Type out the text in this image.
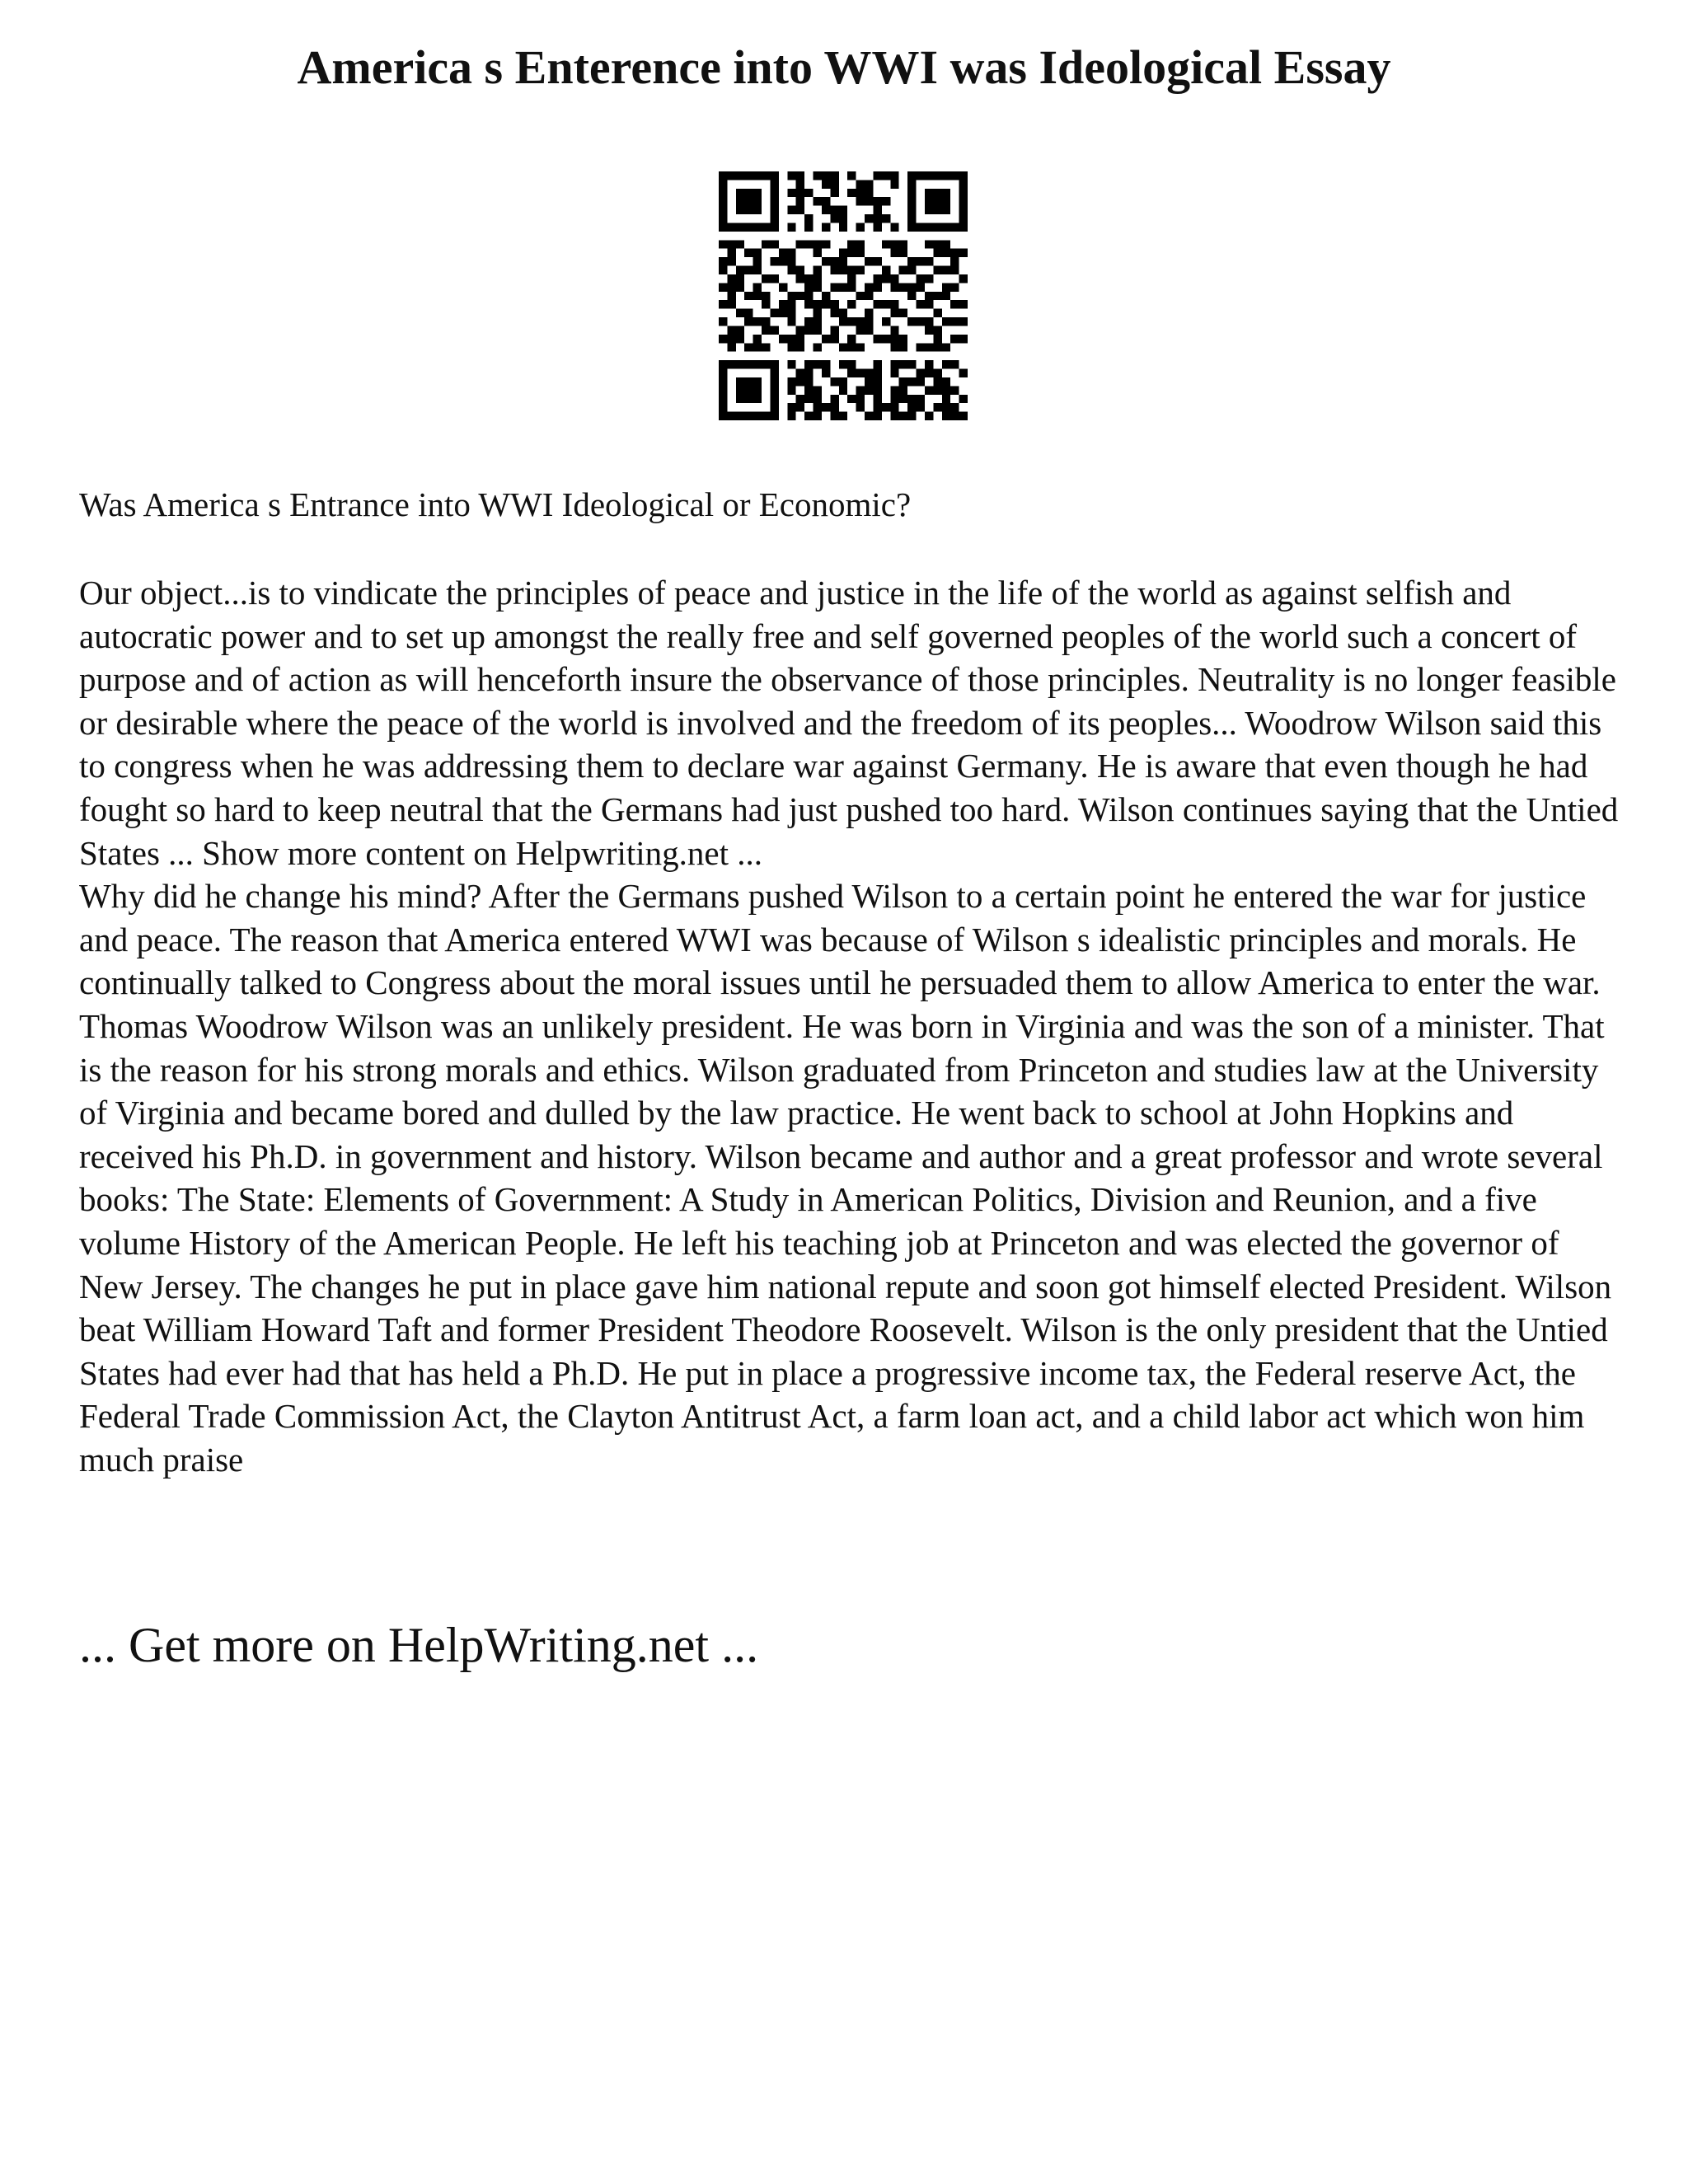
America s Enterence into WWI was Ideological Essay

Was America s Entrance into WWI Ideological or Economic?

Our object...is to vindicate the principles of peace and justice in the life of the world as against selfish and autocratic power and to set up amongst the really free and self governed peoples of the world such a concert of purpose and of action as will henceforth insure the observance of those principles. Neutrality is no longer feasible or desirable where the peace of the world is involved and the freedom of its peoples... Woodrow Wilson said this to congress when he was addressing them to declare war against Germany. He is aware that even though he had fought so hard to keep neutral that the Germans had just pushed too hard. Wilson continues saying that the Untied States ... Show more content on Helpwriting.net ...

Why did he change his mind? After the Germans pushed Wilson to a certain point he entered the war for justice and peace. The reason that America entered WWI was because of Wilson s idealistic principles and morals. He continually talked to Congress about the moral issues until he persuaded them to allow America to enter the war. Thomas Woodrow Wilson was an unlikely president. He was born in Virginia and was the son of a minister. That is the reason for his strong morals and ethics. Wilson graduated from Princeton and studies law at the University of Virginia and became bored and dulled by the law practice. He went back to school at John Hopkins and received his Ph.D. in government and history. Wilson became and author and a great professor and wrote several books: The State: Elements of Government: A Study in American Politics, Division and Reunion, and a five volume History of the American People. He left his teaching job at Princeton and was elected the governor of New Jersey. The changes he put in place gave him national repute and soon got himself elected President. Wilson beat William Howard Taft and former President Theodore Roosevelt. Wilson is the only president that the Untied States had ever had that has held a Ph.D. He put in place a progressive income tax, the Federal reserve Act, the Federal Trade Commission Act, the Clayton Antitrust Act, a farm loan act, and a child labor act which won him much praise

... Get more on HelpWriting.net ...
